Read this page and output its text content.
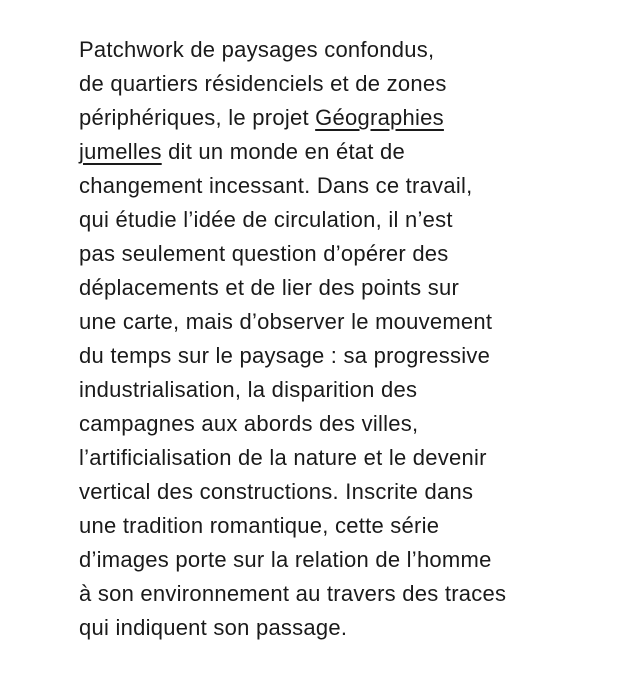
Patchwork de paysages confondus,
de quartiers résidenciels et de zones
périphériques, le projet Géographies
jumelles dit un monde en état de
changement incessant. Dans ce travail,
qui étudie l’idée de circulation, il n’est
pas seulement question d’opérer des
déplacements et de lier des points sur
une carte, mais d’observer le mouvement
du temps sur le paysage : sa progressive
industrialisation, la disparition des
campagnes aux abords des villes,
l’artificialisation de la nature et le devenir
vertical des constructions. Inscrite dans
une tradition romantique, cette série
d’images porte sur la relation de l’homme
à son environnement au travers des traces
qui indiquent son passage.
